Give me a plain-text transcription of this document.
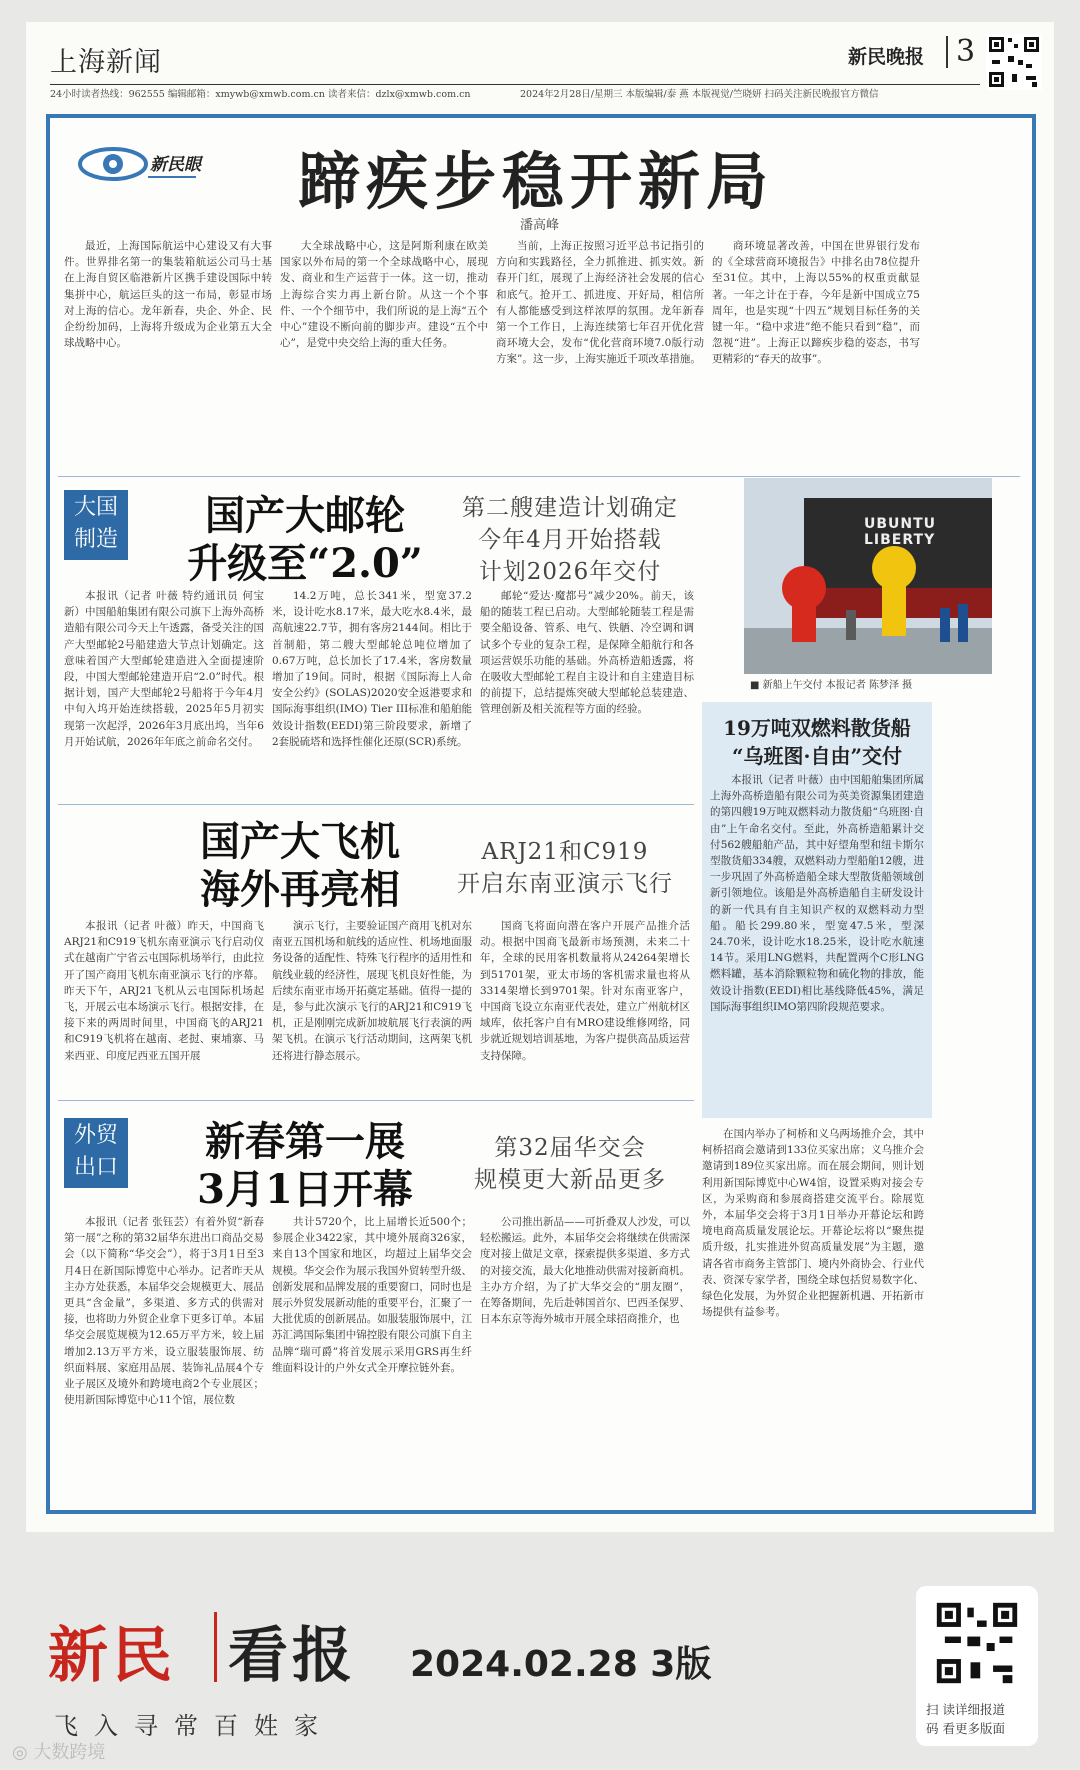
上海新闻	新民晚报	3
24小时读者热线：962555 编辑邮箱：xmywb@xmwb.com.cn 读者来信：dzlx@xmwb.com.cn	2024年2月28日/星期三 本版编辑/泰 燕 本版视觉/竺晓妍 扫码关注新民晚报官方微信
新民眼 蹄疾步稳开新局
潘高峰
最近，上海国际航运中心建设又有大事件。世界排名第一的集装箱航运公司马士基在上海自贸区临港新片区携手建设国际中转集拼中心，航运巨头的这一布局，彰显市场对上海的信心。龙年新春，央企、外企、民企纷纷加码，上海将升级成为企业第五大全球战略中心。
大全球战略中心，这是阿斯利康在欧美国家以外布局的第一个全球战略中心，展现发、商业和生产运营于一体。这一切，推动上海综合实力再上新台阶。从这一个个事件、一个个细节中，我们所说的是上海“五个中心”建设不断向前的脚步声。建设“五个中心”，是党中央交给上海的重大任务。
当前，上海正按照习近平总书记指引的方向和实践路径，全力抓推进、抓实效。新春开门红，展现了上海经济社会发展的信心和底气。抢开工、抓进度、开好局，相信所有人都能感受到这样浓厚的氛围。龙年新春第一个工作日，上海连续第七年召开优化营商环境大会，发布“优化营商环境7.0版行动方案”。这一步，上海实施近千项改革措施。
商环境显著改善，中国在世界银行发布的《全球营商环境报告》中排名由78位提升至31位。其中，上海以55%的权重贡献显著。一年之计在于春，今年是新中国成立75周年，也是实现“十四五”规划目标任务的关键一年。“稳中求进”绝不能只看到“稳”，而忽视“进”。上海正以蹄疾步稳的姿态，书写更精彩的“春天的故事”。
大国
制造
国产大邮轮
升级至“2.0”
第二艘建造计划确定
今年4月开始搭载
计划2026年交付
UBUNTU LIBERTY
■ 新船上午交付 本报记者 陈梦泽 摄
本报讯（记者 叶薇 特约通讯员 何宝新）中国船舶集团有限公司旗下上海外高桥造船有限公司今天上午透露，备受关注的国产大型邮轮2号船建造大节点计划确定。这意味着国产大型邮轮建造进入全面提速阶段，中国大型邮轮建造开启“2.0”时代。根据计划，国产大型邮轮2号船将于今年4月中旬入坞开始连续搭载，2025年5月初实现第一次起浮，2026年3月底出坞，当年6月开始试航，2026年年底之前命名交付。
14.2万吨，总长341米，型宽37.2米，设计吃水8.17米，最大吃水8.4米，最高航速22.7节，拥有客房2144间。相比于首制船，第二艘大型邮轮总吨位增加了0.67万吨，总长加长了17.4米，客房数量增加了19间。同时，根据《国际海上人命安全公约》(SOLAS)2020安全返港要求和国际海事组织(IMO) Tier III标准和船舶能效设计指数(EEDI)第三阶段要求，新增了2套脱硫塔和选择性催化还原(SCR)系统。
邮轮“爱达·魔都号”减少20%。前天，该船的随装工程已启动。大型邮轮随装工程是需要全船设备、管系、电气、铁舾、冷空调和调试多个专业的复杂工程，是保障全船航行和各项运营娱乐功能的基础。外高桥造船透露，将在吸收大型邮轮工程自主设计和自主建造目标的前提下，总结提炼突破大型邮轮总装建造、管理创新及相关流程等方面的经验。
19万吨双燃料散货船
“乌班图·自由”交付
本报讯（记者 叶薇）由中国船舶集团所属上海外高桥造船有限公司为英美资源集团建造的第四艘19万吨双燃料动力散货船“乌班图·自由”上午命名交付。至此，外高桥造船累计交付562艘船舶产品，其中好望角型和纽卡斯尔型散货船334艘，双燃料动力型船舶12艘，进一步巩固了外高桥造船全球大型散货船领域创新引领地位。该船是外高桥造船自主研发设计的新一代具有自主知识产权的双燃料动力型船。船长299.80米，型宽47.5米，型深24.70米，设计吃水18.25米，设计吃水航速14节。采用LNG燃料，共配置两个C形LNG燃料罐，基本消除颗粒物和硫化物的排放，能效设计指数(EEDI)相比基线降低45%，满足国际海事组织IMO第四阶段规范要求。
国产大飞机
海外再亮相
ARJ21和C919
开启东南亚演示飞行
本报讯（记者 叶薇）昨天，中国商飞ARJ21和C919飞机东南亚演示飞行启动仪式在越南广宁省云屯国际机场举行，由此拉开了国产商用飞机东南亚演示飞行的序幕。昨天下午，ARJ21飞机从云屯国际机场起飞，开展云屯本场演示飞行。根据安排，在接下来的两周时间里，中国商飞的ARJ21和C919飞机将在越南、老挝、柬埔寨、马来西亚、印度尼西亚五国开展
演示飞行，主要验证国产商用飞机对东南亚五国机场和航线的适应性、机场地面服务设备的适配性、特殊飞行程序的适用性和航线业载的经济性，展现飞机良好性能，为后续东南亚市场开拓奠定基础。值得一提的是，参与此次演示飞行的ARJ21和C919飞机，正是刚刚完成新加坡航展飞行表演的两架飞机。在演示飞行活动期间，这两架飞机还将进行静态展示。
国商飞将面向潜在客户开展产品推介活动。根据中国商飞最新市场预测，未来二十年，全球的民用客机数量将从24264架增长到51701架，亚太市场的客机需求量也将从3314架增长到9701架。针对东南亚客户，中国商飞设立东南亚代表处，建立广州航材区域库，依托客户自有MRO建设维修网络，同步就近规划培训基地，为客户提供高品质运营支持保障。
外贸
出口
新春第一展
3月1日开幕
第32届华交会
规模更大新品更多
本报讯（记者 张钰芸）有着外贸“新春第一展”之称的第32届华东进出口商品交易会（以下简称“华交会”），将于3月1日至3月4日在新国际博览中心举办。记者昨天从主办方处获悉，本届华交会规模更大、展品更具“含金量”，多渠道、多方式的供需对接，也将助力外贸企业拿下更多订单。本届华交会展览规模为12.65万平方米，较上届增加2.13万平方米，设立服装服饰展、纺织面料展、家庭用品展、装饰礼品展4个专业子展区及境外和跨境电商2个专业展区；使用新国际博览中心11个馆，展位数
共计5720个，比上届增长近500个；参展企业3422家，其中境外展商326家，来自13个国家和地区，均超过上届华交会规模。华交会作为展示我国外贸转型升级、创新发展和品牌发展的重要窗口，同时也是展示外贸发展新动能的重要平台，汇聚了一大批优质的创新展品。如服装服饰展中，江苏汇鸿国际集团中锦控股有限公司旗下自主品牌“瑞可爵”将首发展示采用GRS再生纤维面料设计的户外女式全开摩拉链外套。
公司推出新品——可折叠双人沙发，可以轻松搬运。此外，本届华交会将继续在供需深度对接上做足文章，探索提供多渠道、多方式的对接交流，最大化地推动供需对接新商机。主办方介绍，为了扩大华交会的“朋友圈”，在筹备期间，先后赴韩国首尔、巴西圣保罗、日本东京等海外城市开展全球招商推介，也
在国内举办了柯桥和义乌两场推介会，其中柯桥招商会邀请到133位买家出席；义乌推介会邀请到189位买家出席。而在展会期间，则计划利用新国际博览中心W4馆，设置采购对接会专区，为采购商和参展商搭建交流平台。除展览外，本届华交会将于3月1日举办开幕论坛和跨境电商高质量发展论坛。开幕论坛将以“聚焦提质升级，扎实推进外贸高质量发展”为主题，邀请各省市商务主管部门、境内外商协会、行业代表、资深专家学者，围绕全球包括贸易数字化、绿色化发展，为外贸企业把握新机遇、开拓新市场提供有益参考。
新民 看报 2024.02.28 3版
飞入寻常百姓家
扫 读详细报道
码 看更多版面
◎ 大数跨境
